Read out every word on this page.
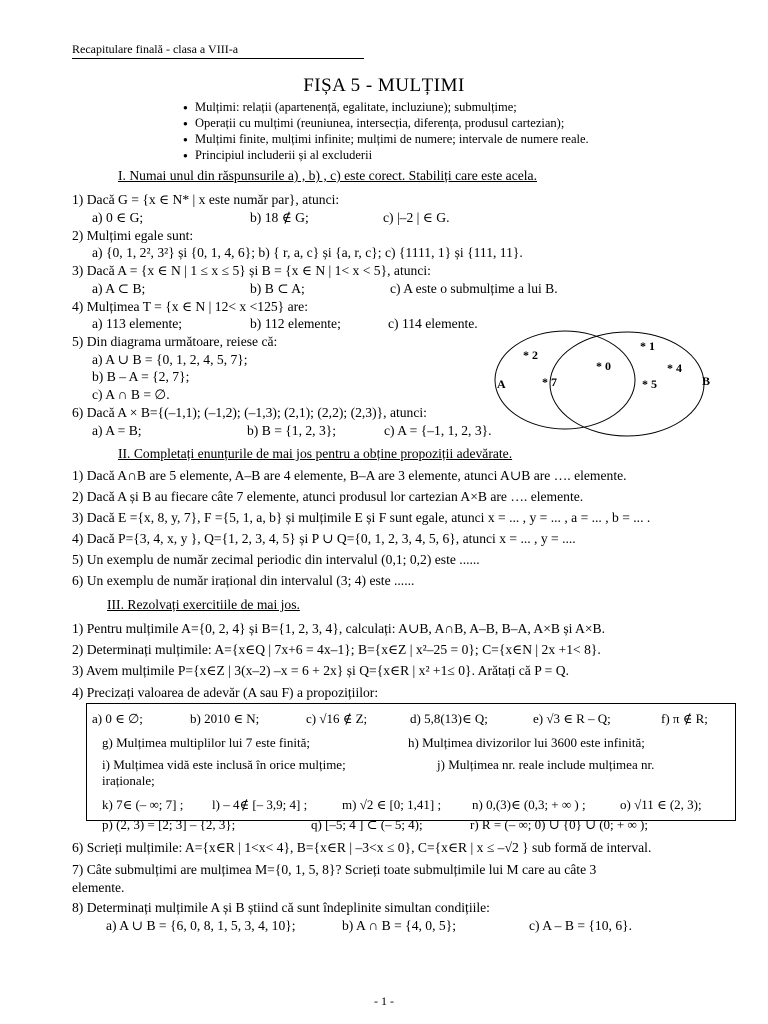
Recapitulare finală - clasa a VIII-a
FIȘA 5 - MULȚIMI
● Mulțimi: relații (apartenență, egalitate, incluziune); submulțime;
● Operații cu mulțimi (reuniunea, intersecția, diferența, produsul cartezian);
● Mulțimi finite, mulțimi infinite; mulțimi de numere; intervale de numere reale.
● Principiul includerii și al excluderii
I. Numai unul din răspunsurile a) , b) , c) este corect. Stabiliți care este acela.
1) Dacă G = {x ∈ N* | x este număr par}, atunci:
a) 0 ∈ G;	b) 18 ∉ G;	c) |–2 | ∈ G.
2) Mulțimi egale sunt:
a) {0, 1, 2², 3²} și {0, 1, 4, 6}; b) { r, a, c} și {a, r, c}; c) {1111, 1} și {111, 11}.
3) Dacă A = {x ∈ N | 1 ≤ x ≤ 5} și B = {x ∈ N | 1< x < 5}, atunci:
a) A ⊂ B;	b) B ⊂ A;	c) A este o submulțime a lui B.
4) Mulțimea T = {x ∈ N | 12< x <125} are:
a) 113 elemente;	b) 112 elemente;	c) 114 elemente.
5) Din diagrama următoare, reiese că:
a) A ∪ B = {0, 1, 2, 4, 5, 7};
b) B – A = {2, 7};
c) A ∩ B = ∅.
6) Dacă A × B={(–1,1); (–1,2); (–1,3); (2,1); (2,2); (2,3)}, atunci:
a) A = B;	b) B = {1, 2, 3};	c) A = {–1, 1, 2, 3}.
A	B
* 2
* 7
* 0
* 1
* 4
* 5
II. Completați enunțurile de mai jos pentru a obține propoziții adevărate.
1) Dacă A∩B are 5 elemente, A–B are 4 elemente, B–A are 3 elemente, atunci A∪B are …. elemente.
2) Dacă A și B au fiecare câte 7 elemente, atunci produsul lor cartezian A×B are …. elemente.
3) Dacă E ={x, 8, y, 7}, F ={5, 1, a, b} și mulțimile E și F sunt egale, atunci x = ... , y = ... , a = ... , b = ... .
4) Dacă P={3, 4, x, y }, Q={1, 2, 3, 4, 5} și P ∪ Q={0, 1, 2, 3, 4, 5, 6}, atunci x = ... , y = ....
5) Un exemplu de număr zecimal periodic din intervalul (0,1; 0,2) este ......
6) Un exemplu de număr irațional din intervalul (3; 4) este ......
III. Rezolvați exercitiile de mai jos.
1) Pentru mulțimile A={0, 2, 4} și B={1, 2, 3, 4}, calculați: A∪B, A∩B, A–B, B–A, A×B și A×B.
2) Determinați mulțimile: A={x∈Q | 7x+6 = 4x–1}; B={x∈Z | x²–25 = 0}; C={x∈N | 2x +1< 8}.
3) Avem mulțimile P={x∈Z | 3(x–2) –x = 6 + 2x} și Q={x∈R | x² +1≤ 0}. Arătați că P = Q.
4) Precizați valoarea de adevăr (A sau F) a propozițiilor:
a) 0 ∈ ∅;	b) 2010 ∈ N;	c) √16 ∉ Z;	d) 5,8(13)∈ Q;	e) √3 ∈ R – Q;	f) π ∉ R;
g) Mulțimea multiplilor lui 7 este finită;	h) Mulțimea divizorilor lui 3600 este infinită;
i) Mulțimea vidă este inclusă în orice mulțime;	j) Mulțimea nr. reale include mulțimea nr.
iraționale;
k) 7∈ (– ∞; 7] ; l) – 4∉ [– 3,9; 4] ;	m) √2 ∈ [0; 1,41] ; n) 0,(3)∈ (0,3; + ∞ ) ;	o) √11 ∈ (2, 3);
p) (2, 3) = [2; 3] – {2, 3};	q) [–5; 4 ] ⊂ (– 5; 4);	r) R = (– ∞; 0) ∪ {0} ∪ (0; + ∞ );
6) Scrieți mulțimile: A={x∈R | 1<x< 4}, B={x∈R | –3<x ≤ 0}, C={x∈R | x ≤ –√2 } sub formă de interval.
7) Câte submulțimi are mulțimea M={0, 1, 5, 8}? Scrieți toate submulțimile lui M care au câte 3
elemente.
8) Determinați mulțimile A și B știind că sunt îndeplinite simultan condițiile:
a) A ∪ B = {6, 0, 8, 1, 5, 3, 4, 10};	b) A ∩ B = {4, 0, 5};	c) A – B = {10, 6}.
- 1 -
